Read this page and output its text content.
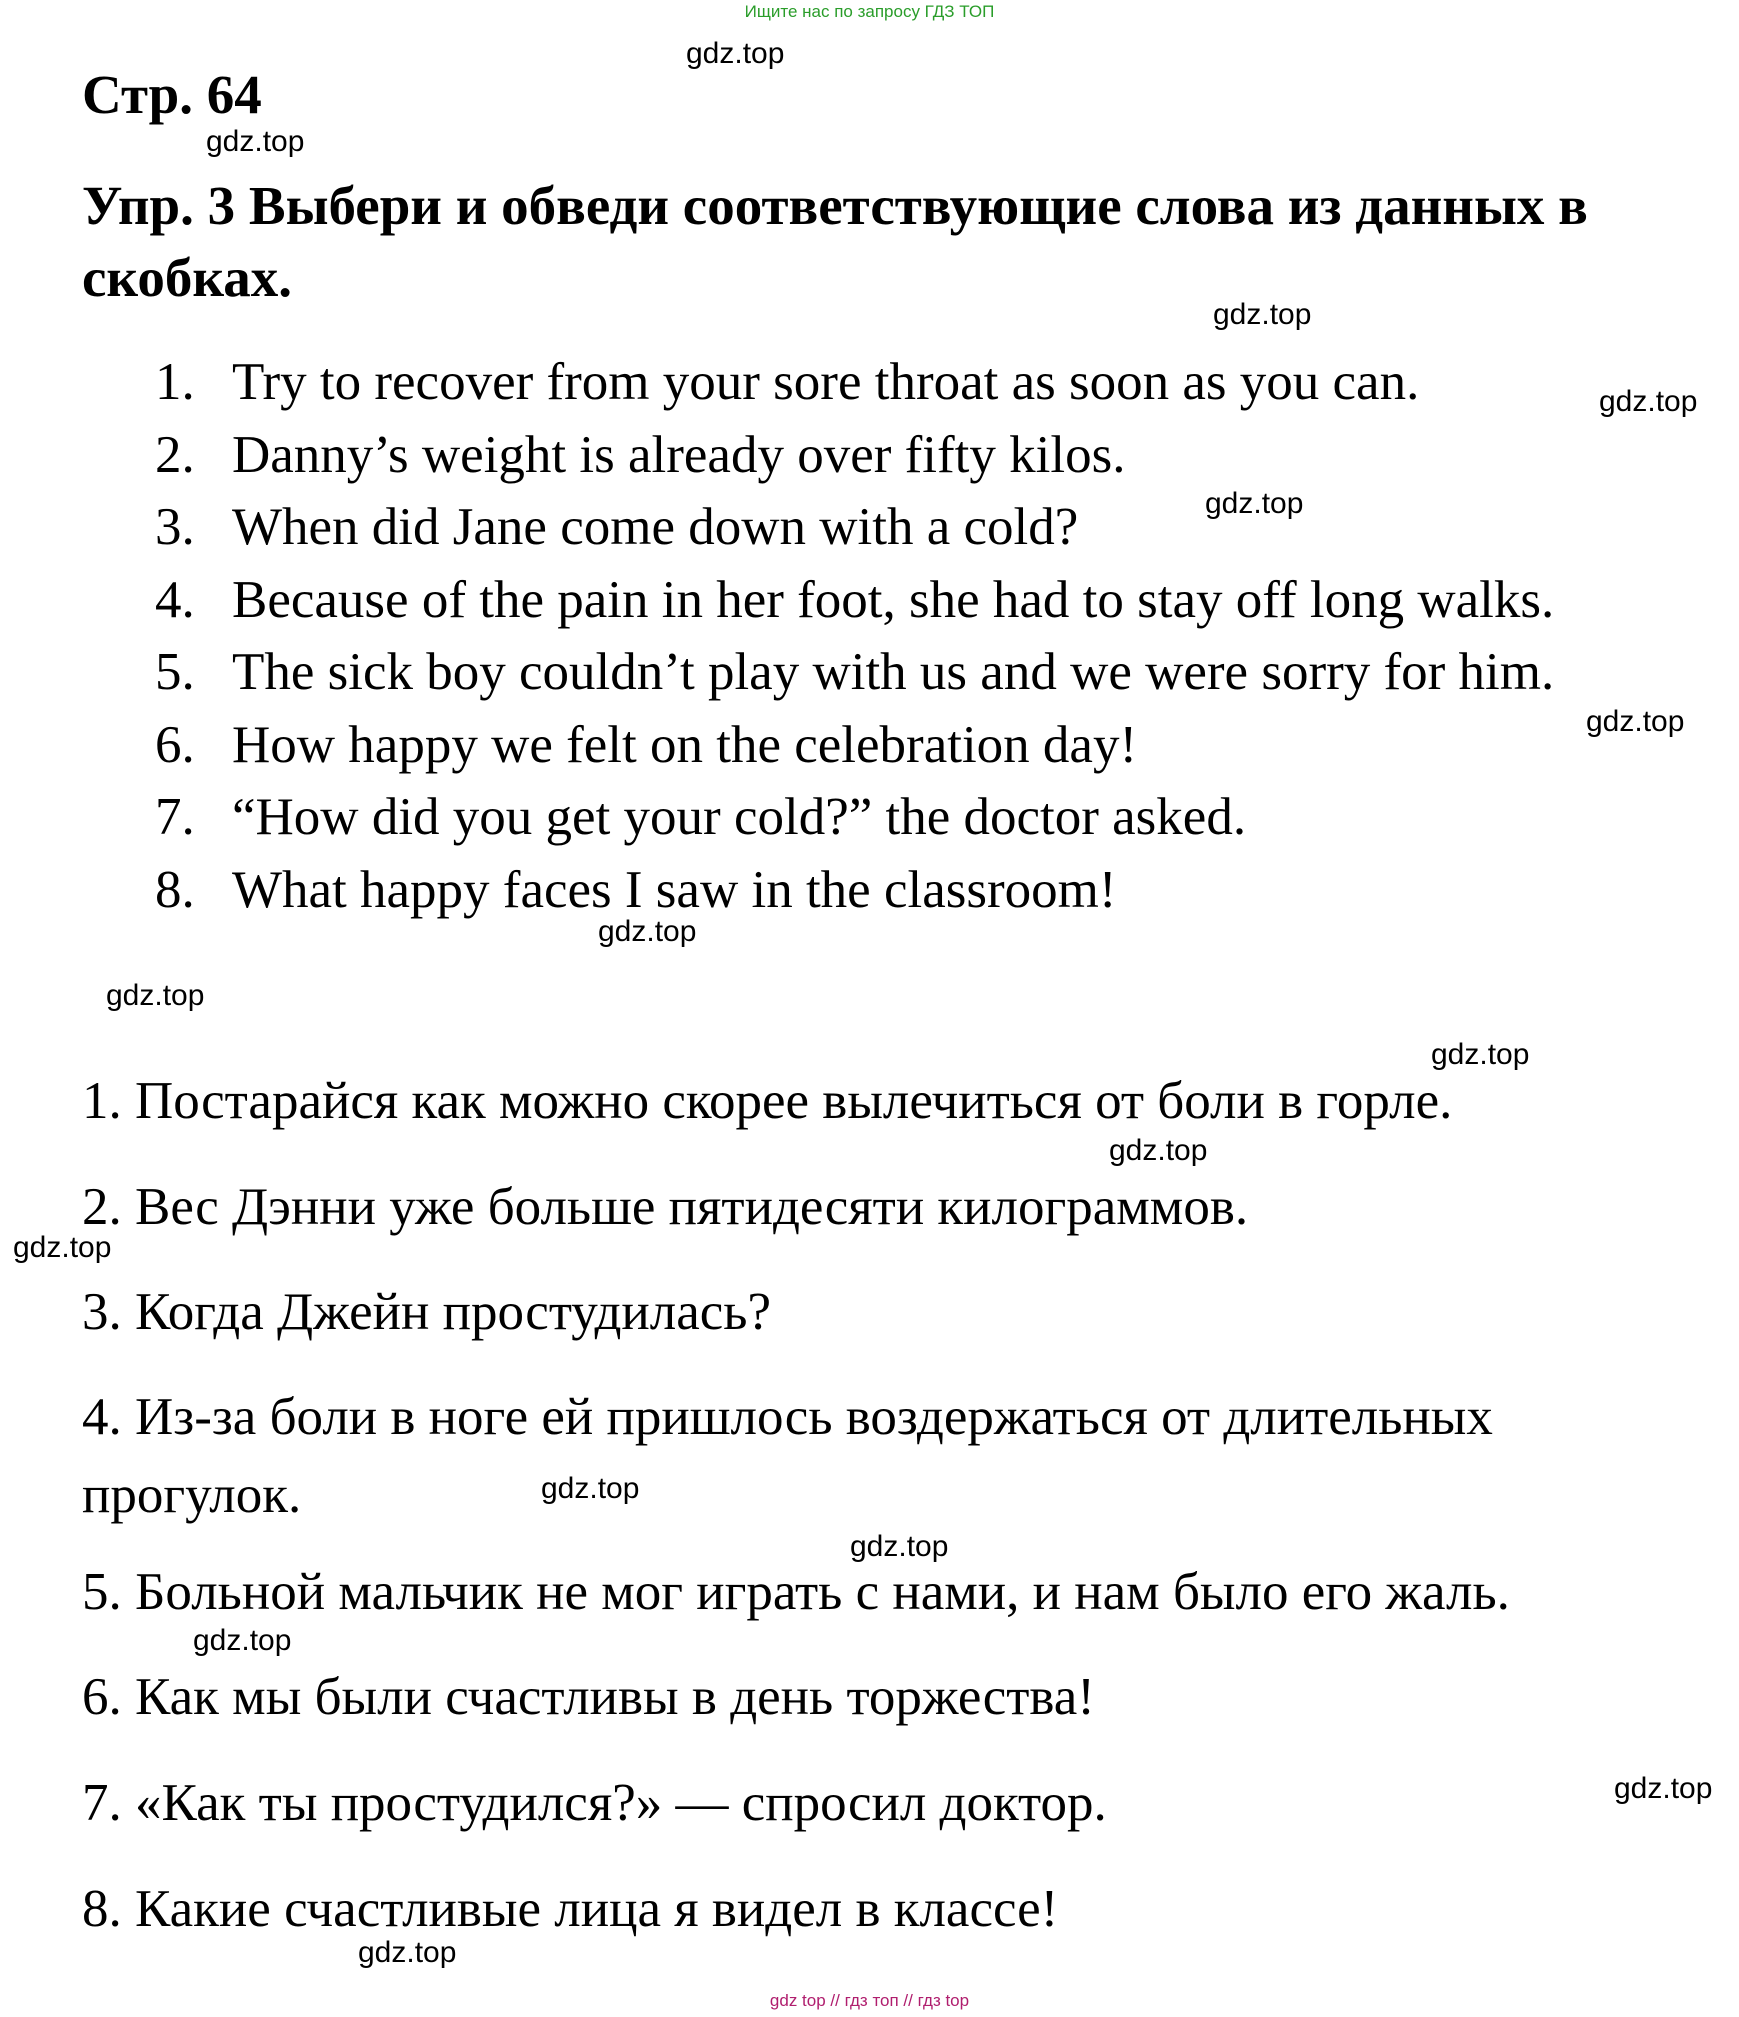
Ищите нас по запросу ГДЗ ТОП
Стр. 64
Упр. 3 Выбери и обведи соответствующие слова из данных в скобках.
1. Try to recover from your sore throat as soon as you can.
2. Danny’s weight is already over fifty kilos.
3. When did Jane come down with a cold?
4. Because of the pain in her foot, she had to stay off long walks.
5. The sick boy couldn’t play with us and we were sorry for him.
6. How happy we felt on the celebration day!
7. “How did you get your cold?” the doctor asked.
8. What happy faces I saw in the classroom!
1. Постарайся как можно скорее вылечиться от боли в горле.
2. Вес Дэнни уже больше пятидесяти килограммов.
3. Когда Джейн простудилась?
4. Из-за боли в ноге ей пришлось воздержаться от длительных прогулок.
5. Больной мальчик не мог играть с нами, и нам было его жаль.
6. Как мы были счастливы в день торжества!
7. «Как ты простудился?» — спросил доктор.
8. Какие счастливые лица я видел в классе!
gdz.top
gdz.top
gdz.top
gdz.top
gdz.top
gdz.top
gdz.top
gdz.top
gdz.top
gdz.top
gdz.top
gdz.top
gdz.top
gdz.top
gdz.top
gdz.top
gdz top // гдз топ // гдз top
